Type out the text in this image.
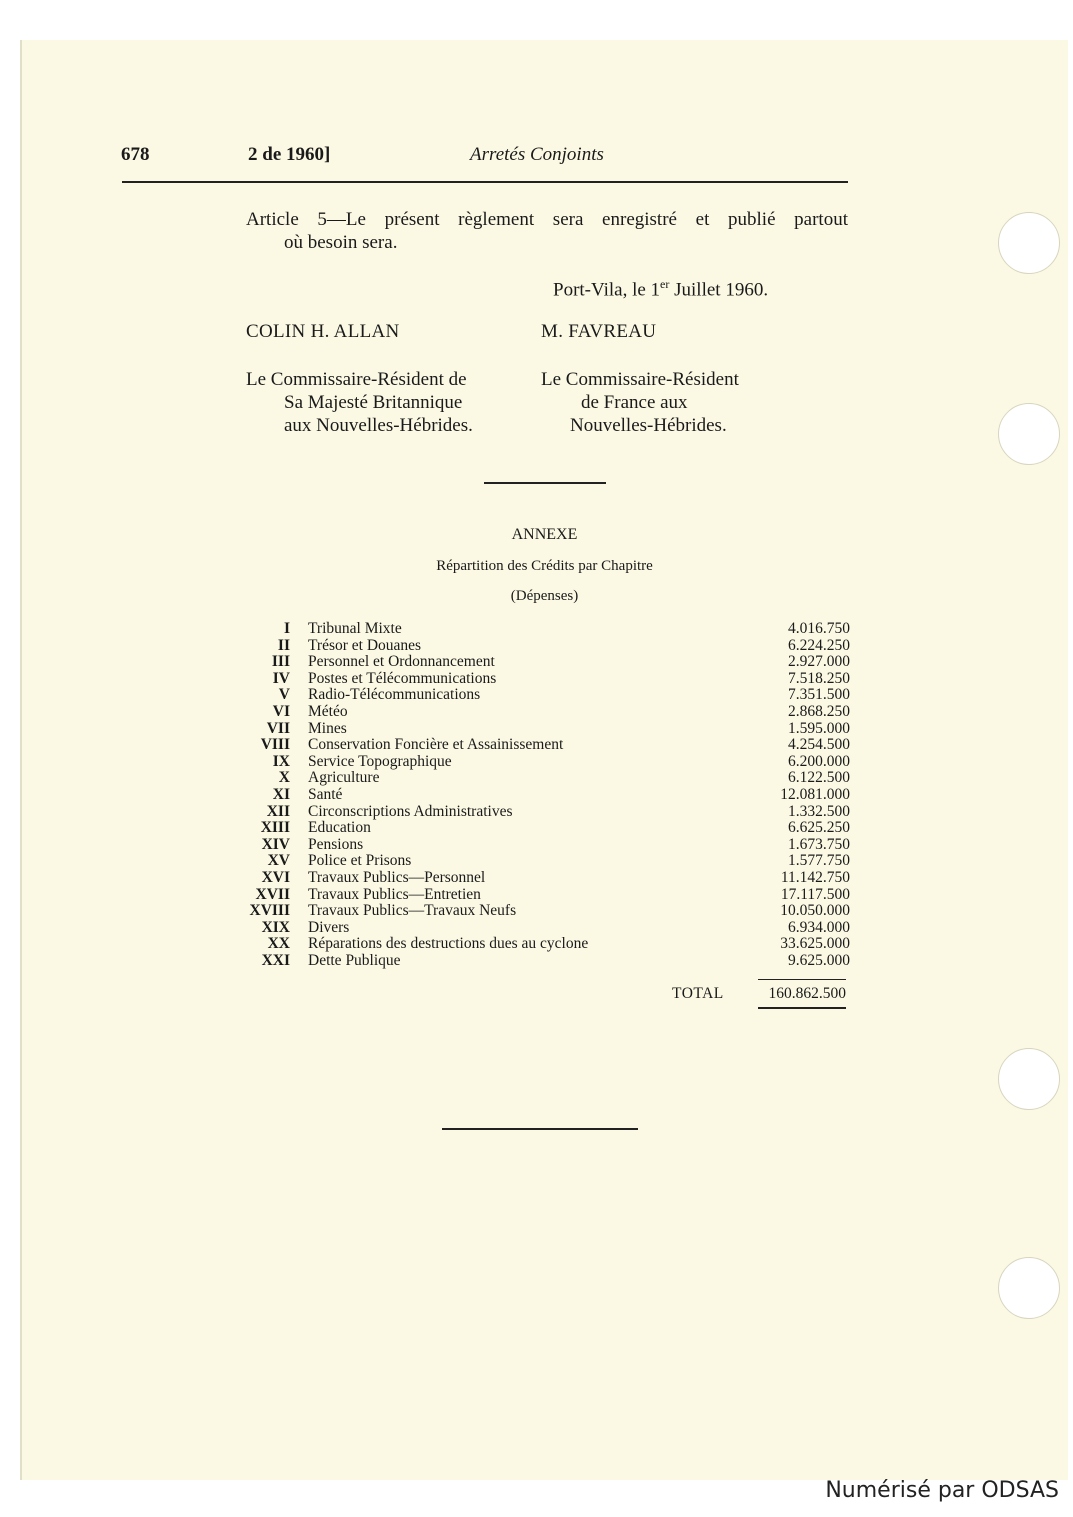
678	2 de 1960]	Arretés Conjoints
Article 5—Le présent règlement sera enregistré et publié partout
où besoin sera.
Port-Vila, le 1er Juillet 1960.
COLIN H. ALLAN	M. FAVREAU
Le Commissaire-Résident de
Sa Majesté Britannique
aux Nouvelles-Hébrides.
Le Commissaire-Résident
de France aux
Nouvelles-Hébrides.
ANNEXE
Répartition des Crédits par Chapitre
(Dépenses)
I	Tribunal Mixte	4.016.750
II	Trésor et Douanes	6.224.250
III	Personnel et Ordonnancement	2.927.000
IV	Postes et Télécommunications	7.518.250
V	Radio-Télécommunications	7.351.500
VI	Météo	2.868.250
VII	Mines	1.595.000
VIII	Conservation Foncière et Assainissement	4.254.500
IX	Service Topographique	6.200.000
X	Agriculture	6.122.500
XI	Santé	12.081.000
XII	Circonscriptions Administratives	1.332.500
XIII	Education	6.625.250
XIV	Pensions	1.673.750
XV	Police et Prisons	1.577.750
XVI	Travaux Publics—Personnel	11.142.750
XVII	Travaux Publics—Entretien	17.117.500
XVIII	Travaux Publics—Travaux Neufs	10.050.000
XIX	Divers	6.934.000
XX	Réparations des destructions dues au cyclone	33.625.000
XXI	Dette Publique	9.625.000
TOTAL	160.862.500
Numérisé par ODSAS
